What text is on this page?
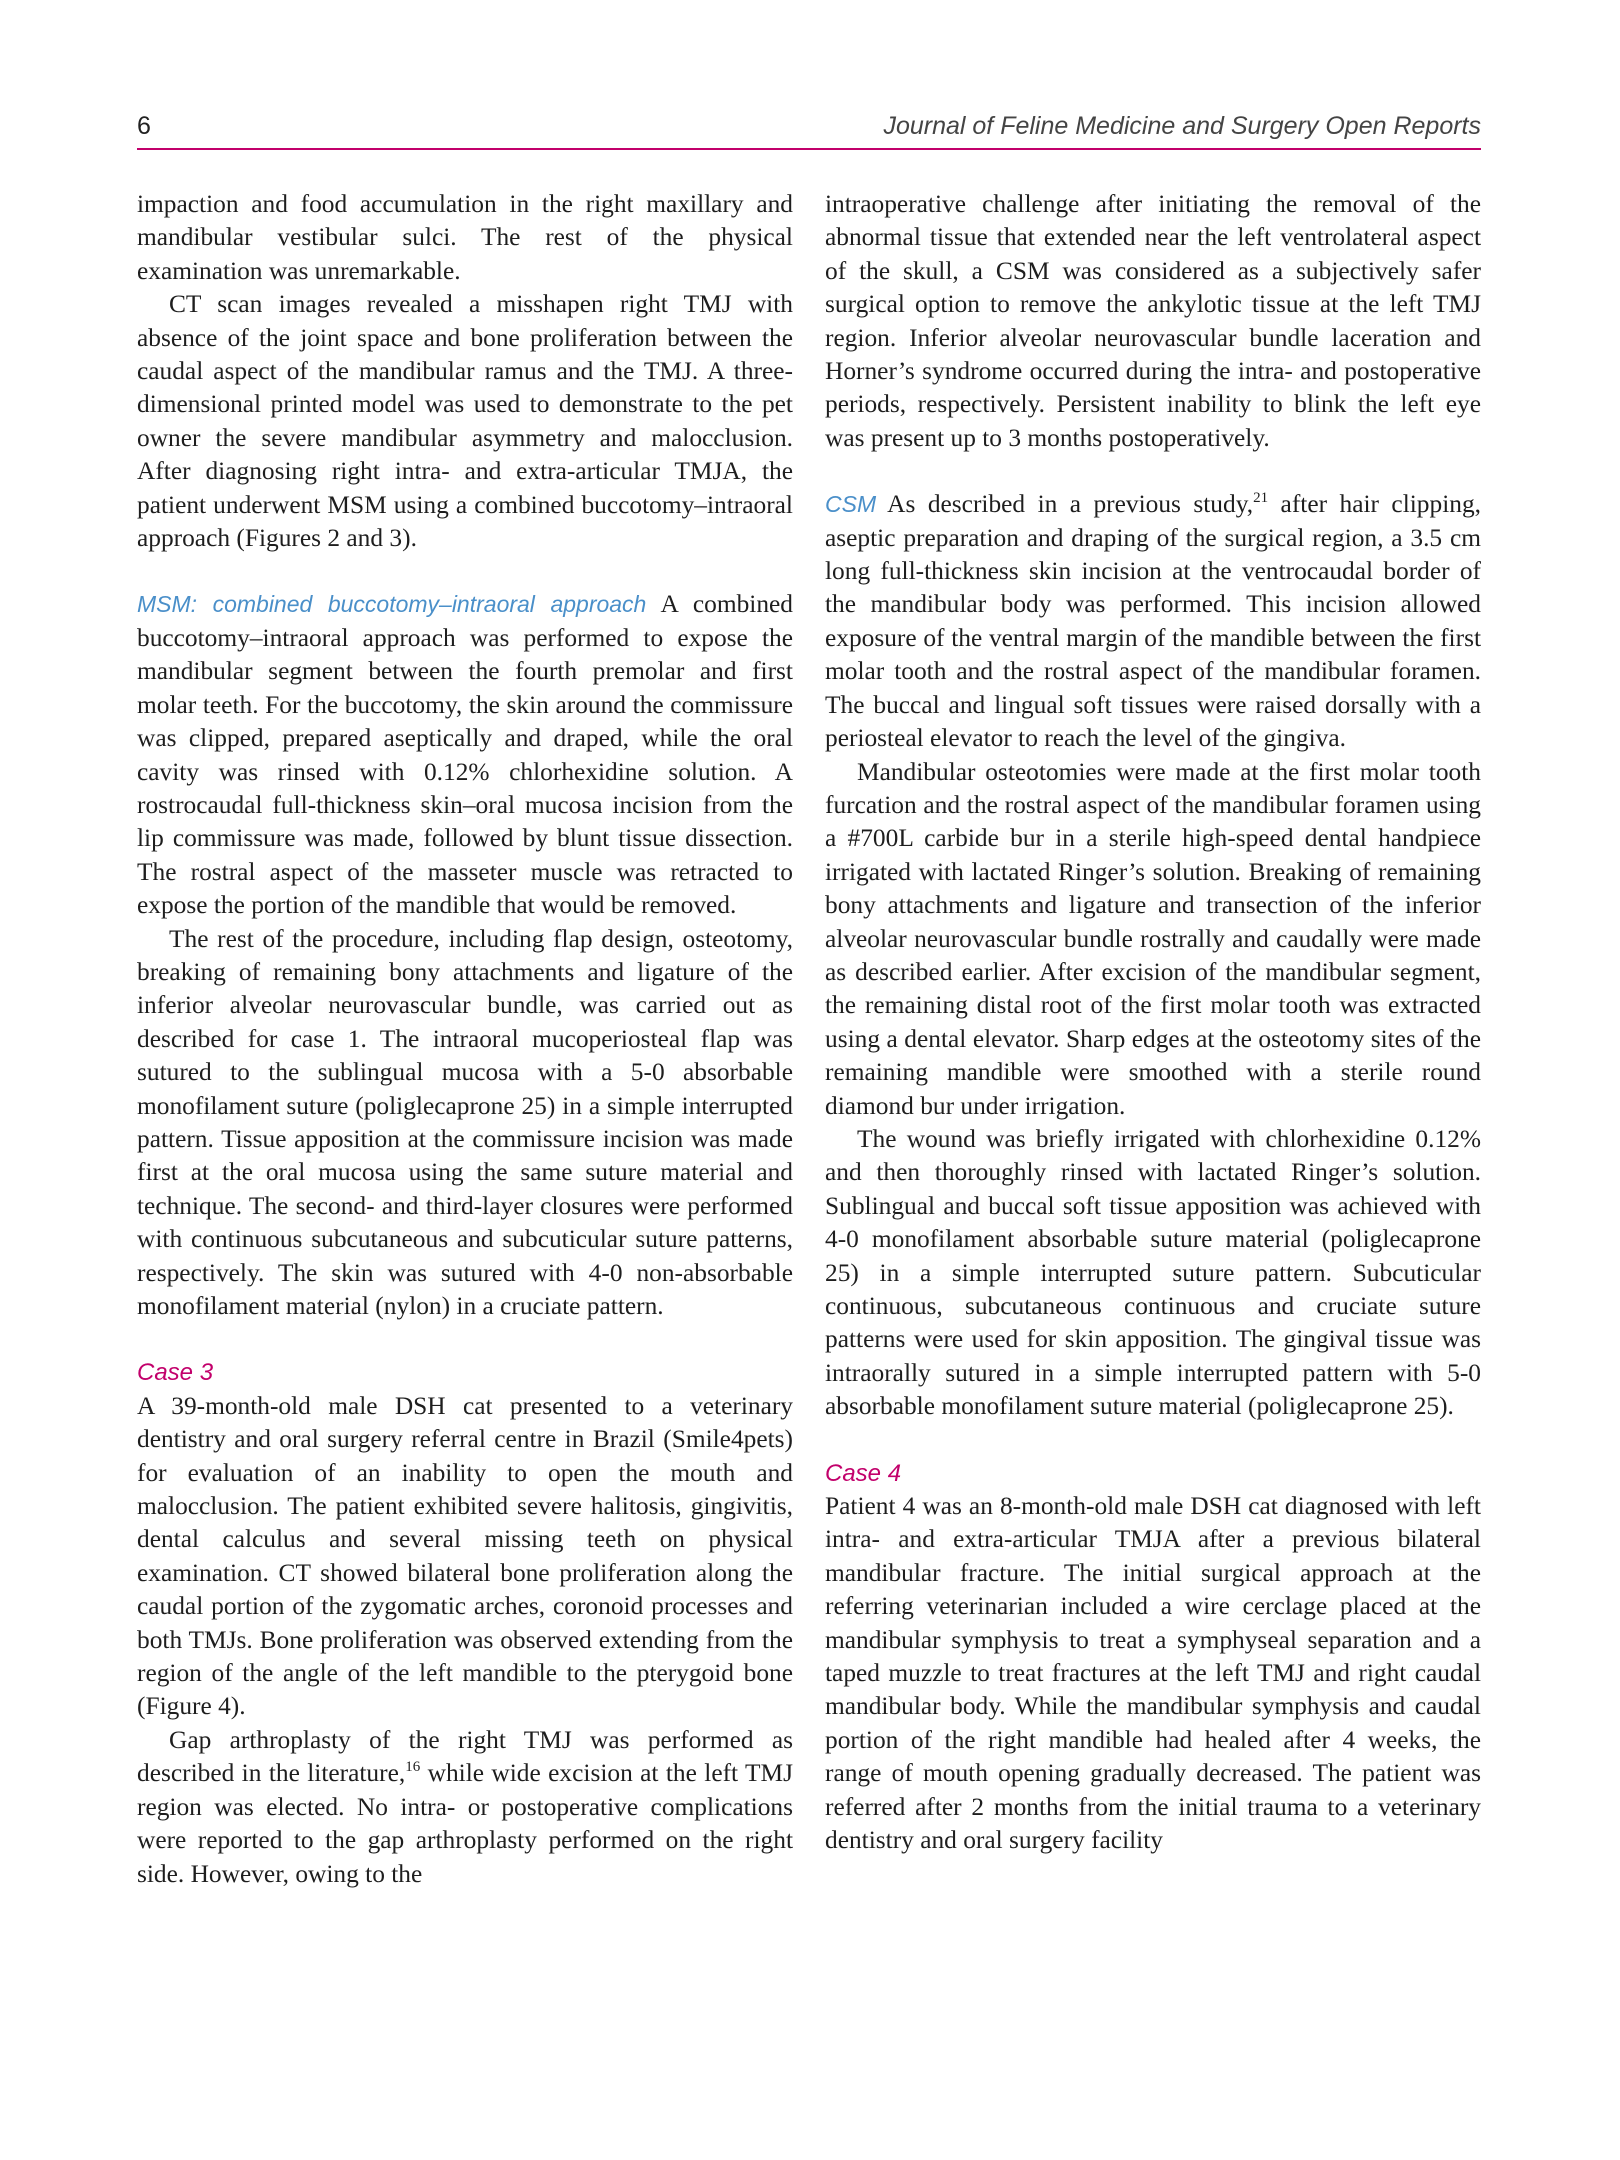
6	Journal of Feline Medicine and Surgery Open Reports

impaction and food accumulation in the right maxillary and mandibular vestibular sulci. The rest of the physical examination was unremarkable.

CT scan images revealed a misshapen right TMJ with absence of the joint space and bone proliferation between the caudal aspect of the mandibular ramus and the TMJ. A three-dimensional printed model was used to demonstrate to the pet owner the severe mandibular asymmetry and malocclusion. After diagnosing right intra- and extra-articular TMJA, the patient underwent MSM using a combined buccotomy–intraoral approach (Figures 2 and 3).

MSM: combined buccotomy–intraoral approach A combined buccotomy–intraoral approach was performed to expose the mandibular segment between the fourth premolar and first molar teeth. For the buccotomy, the skin around the commissure was clipped, prepared aseptically and draped, while the oral cavity was rinsed with 0.12% chlorhexidine solution. A rostrocaudal full-thickness skin–oral mucosa incision from the lip commissure was made, followed by blunt tissue dissection. The rostral aspect of the masseter muscle was retracted to expose the portion of the mandible that would be removed.

The rest of the procedure, including flap design, osteotomy, breaking of remaining bony attachments and ligature of the inferior alveolar neurovascular bundle, was carried out as described for case 1. The intraoral mucoperiosteal flap was sutured to the sublingual mucosa with a 5-0 absorbable monofilament suture (poliglecaprone 25) in a simple interrupted pattern. Tissue apposition at the commissure incision was made first at the oral mucosa using the same suture material and technique. The second- and third-layer closures were performed with continuous subcutaneous and subcuticular suture patterns, respectively. The skin was sutured with 4-0 non-absorbable monofilament material (nylon) in a cruciate pattern.

Case 3

A 39-month-old male DSH cat presented to a veterinary dentistry and oral surgery referral centre in Brazil (Smile4pets) for evaluation of an inability to open the mouth and malocclusion. The patient exhibited severe halitosis, gingivitis, dental calculus and several missing teeth on physical examination. CT showed bilateral bone proliferation along the caudal portion of the zygomatic arches, coronoid processes and both TMJs. Bone proliferation was observed extending from the region of the angle of the left mandible to the pterygoid bone (Figure 4).

Gap arthroplasty of the right TMJ was performed as described in the literature,$^{16}$ while wide excision at the left TMJ region was elected. No intra- or postoperative complications were reported to the gap arthroplasty performed on the right side. However, owing to the

intraoperative challenge after initiating the removal of the abnormal tissue that extended near the left ventrolateral aspect of the skull, a CSM was considered as a subjectively safer surgical option to remove the ankylotic tissue at the left TMJ region. Inferior alveolar neurovascular bundle laceration and Horner’s syndrome occurred during the intra- and postoperative periods, respectively. Persistent inability to blink the left eye was present up to 3 months postoperatively.

CSM As described in a previous study,$^{21}$ after hair clipping, aseptic preparation and draping of the surgical region, a 3.5 cm long full-thickness skin incision at the ventrocaudal border of the mandibular body was performed. This incision allowed exposure of the ventral margin of the mandible between the first molar tooth and the rostral aspect of the mandibular foramen. The buccal and lingual soft tissues were raised dorsally with a periosteal elevator to reach the level of the gingiva.

Mandibular osteotomies were made at the first molar tooth furcation and the rostral aspect of the mandibular foramen using a #700L carbide bur in a sterile high-speed dental handpiece irrigated with lactated Ringer’s solution. Breaking of remaining bony attachments and ligature and transection of the inferior alveolar neurovascular bundle rostrally and caudally were made as described earlier. After excision of the mandibular segment, the remaining distal root of the first molar tooth was extracted using a dental elevator. Sharp edges at the osteotomy sites of the remaining mandible were smoothed with a sterile round diamond bur under irrigation.

The wound was briefly irrigated with chlorhexidine 0.12% and then thoroughly rinsed with lactated Ringer’s solution. Sublingual and buccal soft tissue apposition was achieved with 4-0 monofilament absorbable suture material (poliglecaprone 25) in a simple interrupted suture pattern. Subcuticular continuous, subcutaneous continuous and cruciate suture patterns were used for skin apposition. The gingival tissue was intraorally sutured in a simple interrupted pattern with 5-0 absorbable monofilament suture material (poliglecaprone 25).

Case 4

Patient 4 was an 8-month-old male DSH cat diagnosed with left intra- and extra-articular TMJA after a previous bilateral mandibular fracture. The initial surgical approach at the referring veterinarian included a wire cerclage placed at the mandibular symphysis to treat a symphyseal separation and a taped muzzle to treat fractures at the left TMJ and right caudal mandibular body. While the mandibular symphysis and caudal portion of the right mandible had healed after 4 weeks, the range of mouth opening gradually decreased. The patient was referred after 2 months from the initial trauma to a veterinary dentistry and oral surgery facility
